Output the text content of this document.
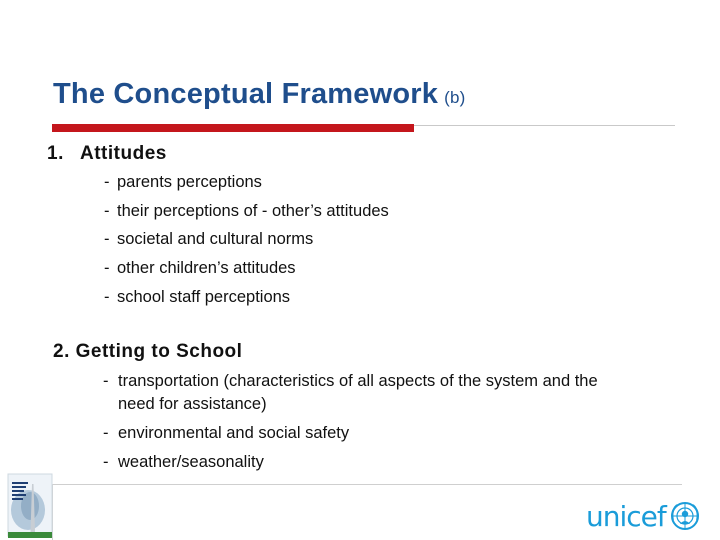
The Conceptual Framework (b)
1. Attitudes
- parents perceptions
- their perceptions of - other’s attitudes
- societal and cultural norms
- other children’s attitudes
- school staff perceptions
2. Getting to School
- transportation (characteristics of all aspects of the system and the need for assistance)
- environmental and social safety
- weather/seasonality
unicef
